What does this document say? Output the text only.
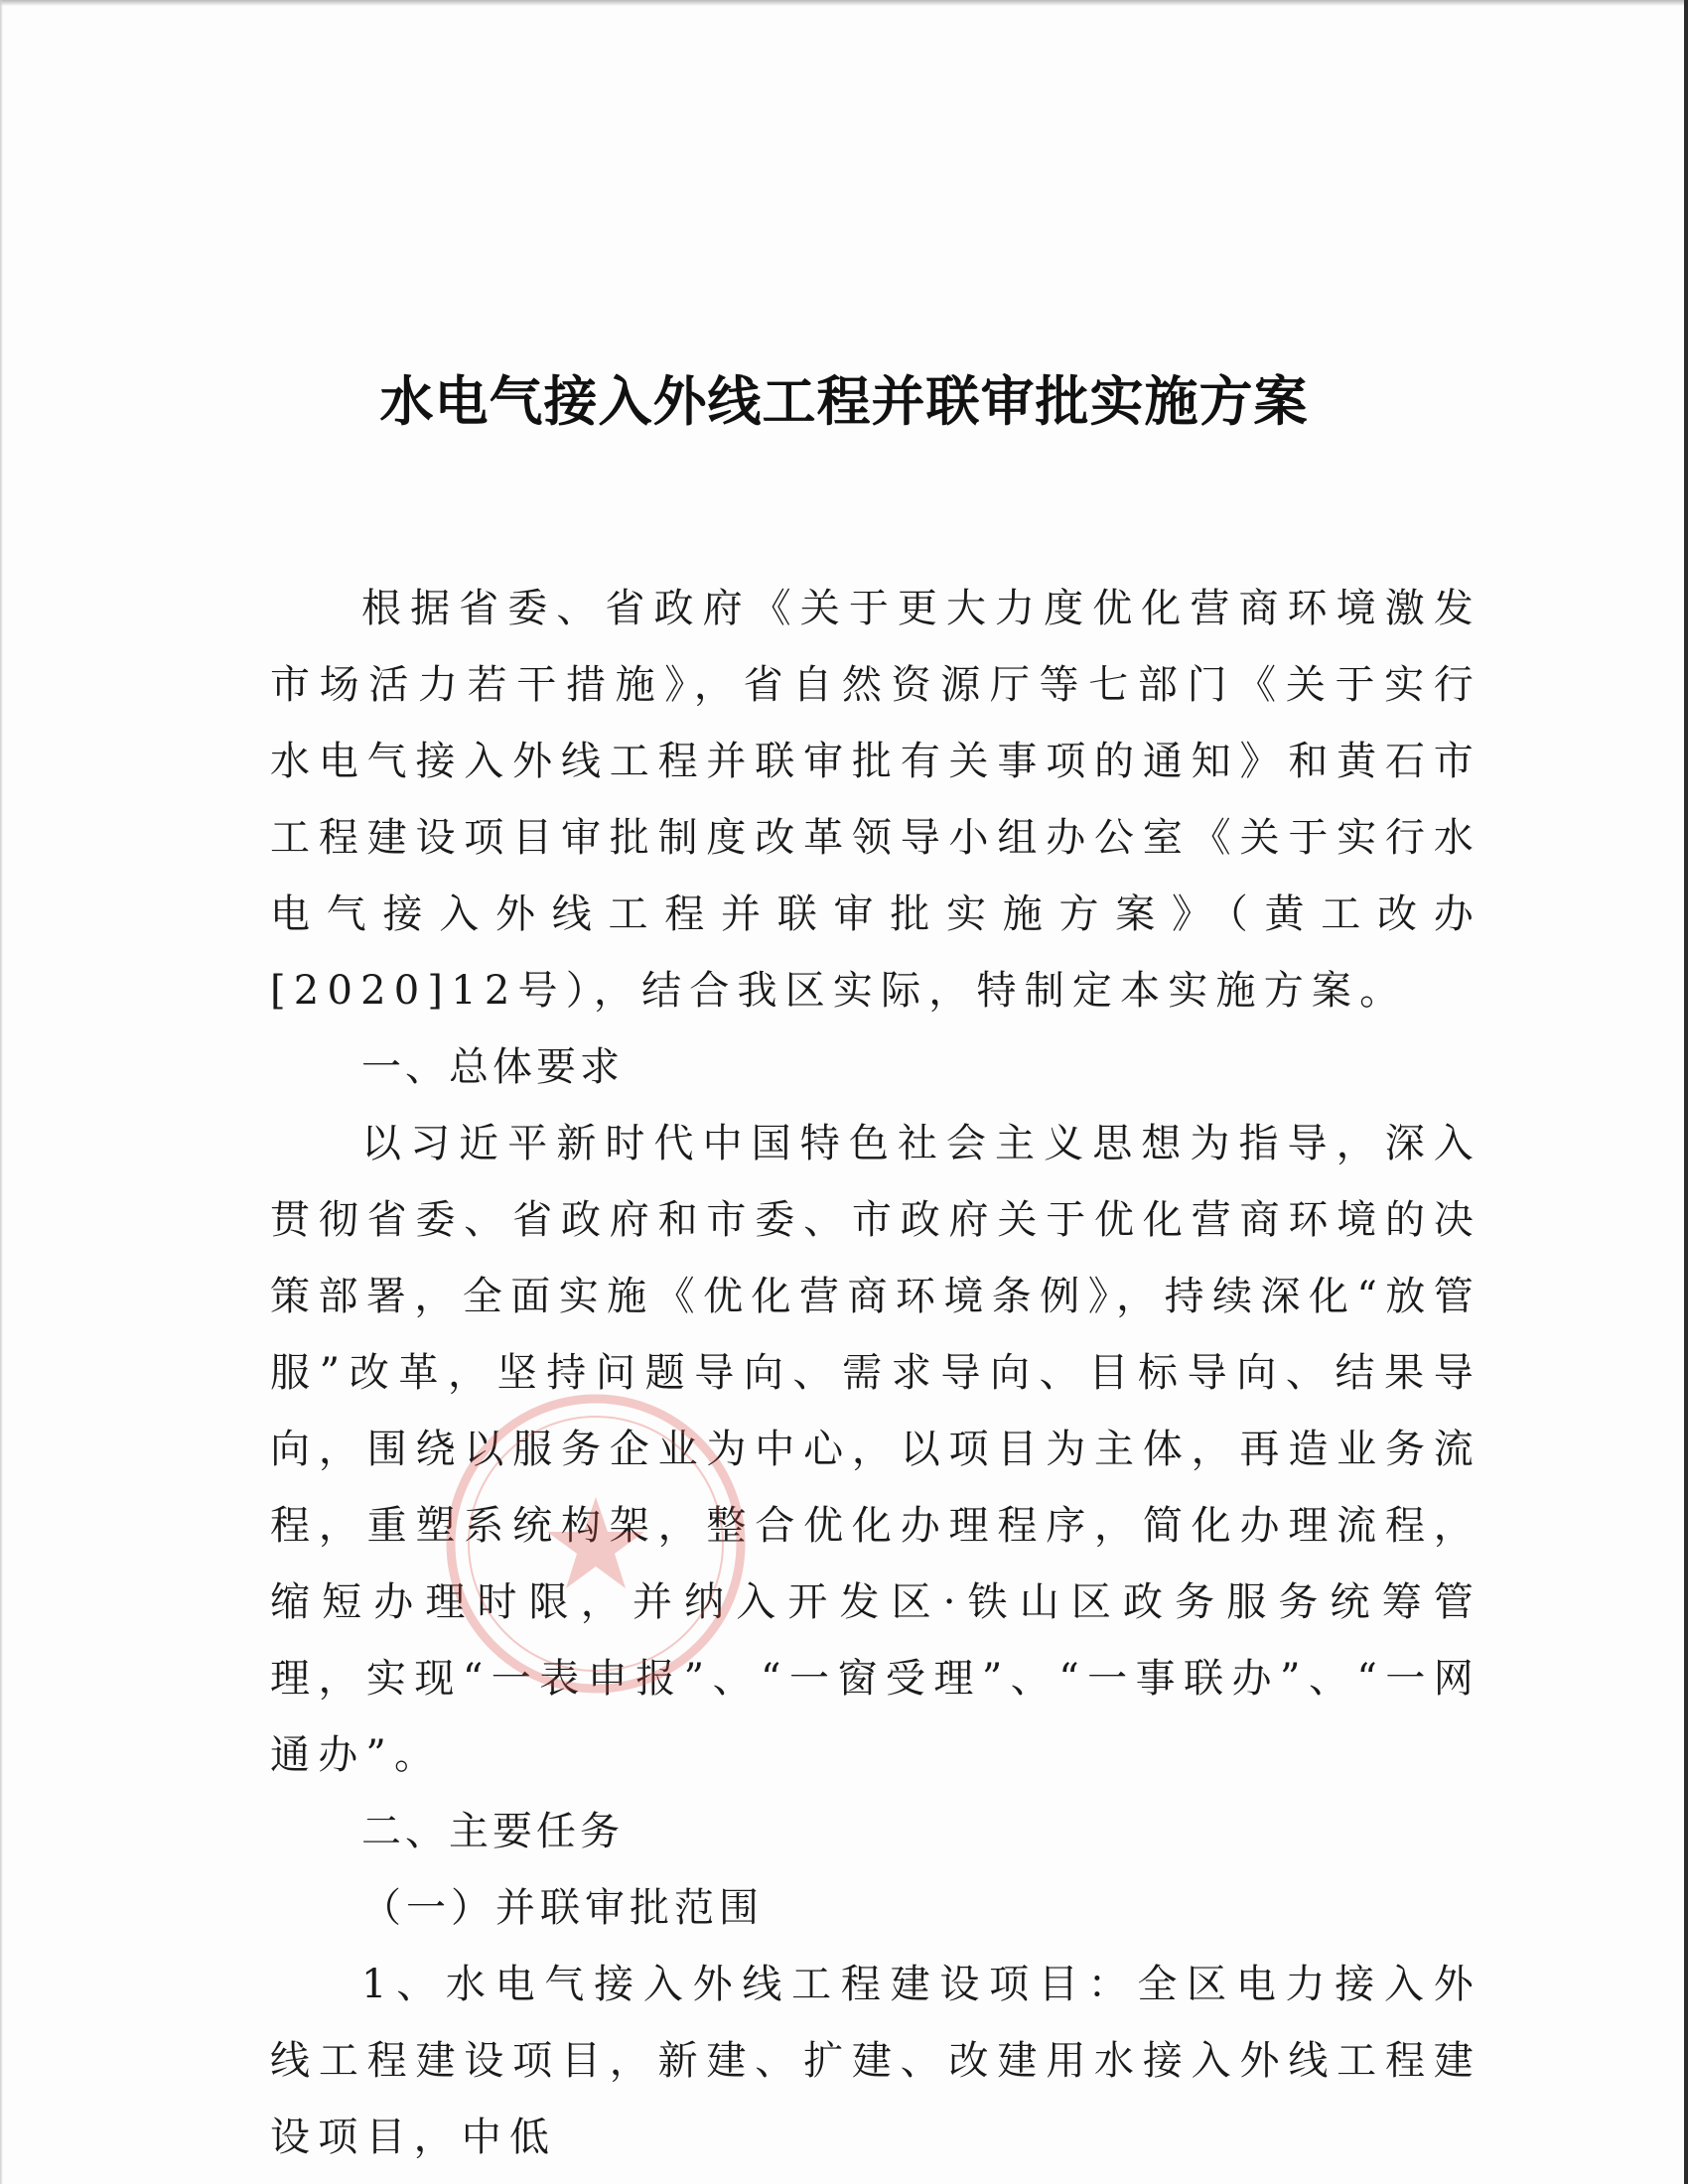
水电气接入外线工程并联审批实施方案

根据省委、省政府《关于更大力度优化营商环境激发市场活力若干措施》，省自然资源厅等七部门《关于实行水电气接入外线工程并联审批有关事项的通知》和黄石市工程建设项目审批制度改革领导小组办公室《关于实行水电气接入外线工程并联审批实施方案》（黄工改办[2020]12号），结合我区实际，特制定本实施方案。

一、总体要求

以习近平新时代中国特色社会主义思想为指导，深入贯彻省委、省政府和市委、市政府关于优化营商环境的决策部署，全面实施《优化营商环境条例》，持续深化“放管服”改革，坚持问题导向、需求导向、目标导向、结果导向，围绕以服务企业为中心，以项目为主体，再造业务流程，重塑系统构架，整合优化办理程序，简化办理流程，缩短办理时限，并纳入开发区·铁山区政务服务统筹管理，实现“一表申报”、“一窗受理”、“一事联办”、“一网通办”。

二、主要任务

（一）并联审批范围

1、水电气接入外线工程建设项目：全区电力接入外线工程建设项目，新建、扩建、改建用水接入外线工程建设项目，中低
